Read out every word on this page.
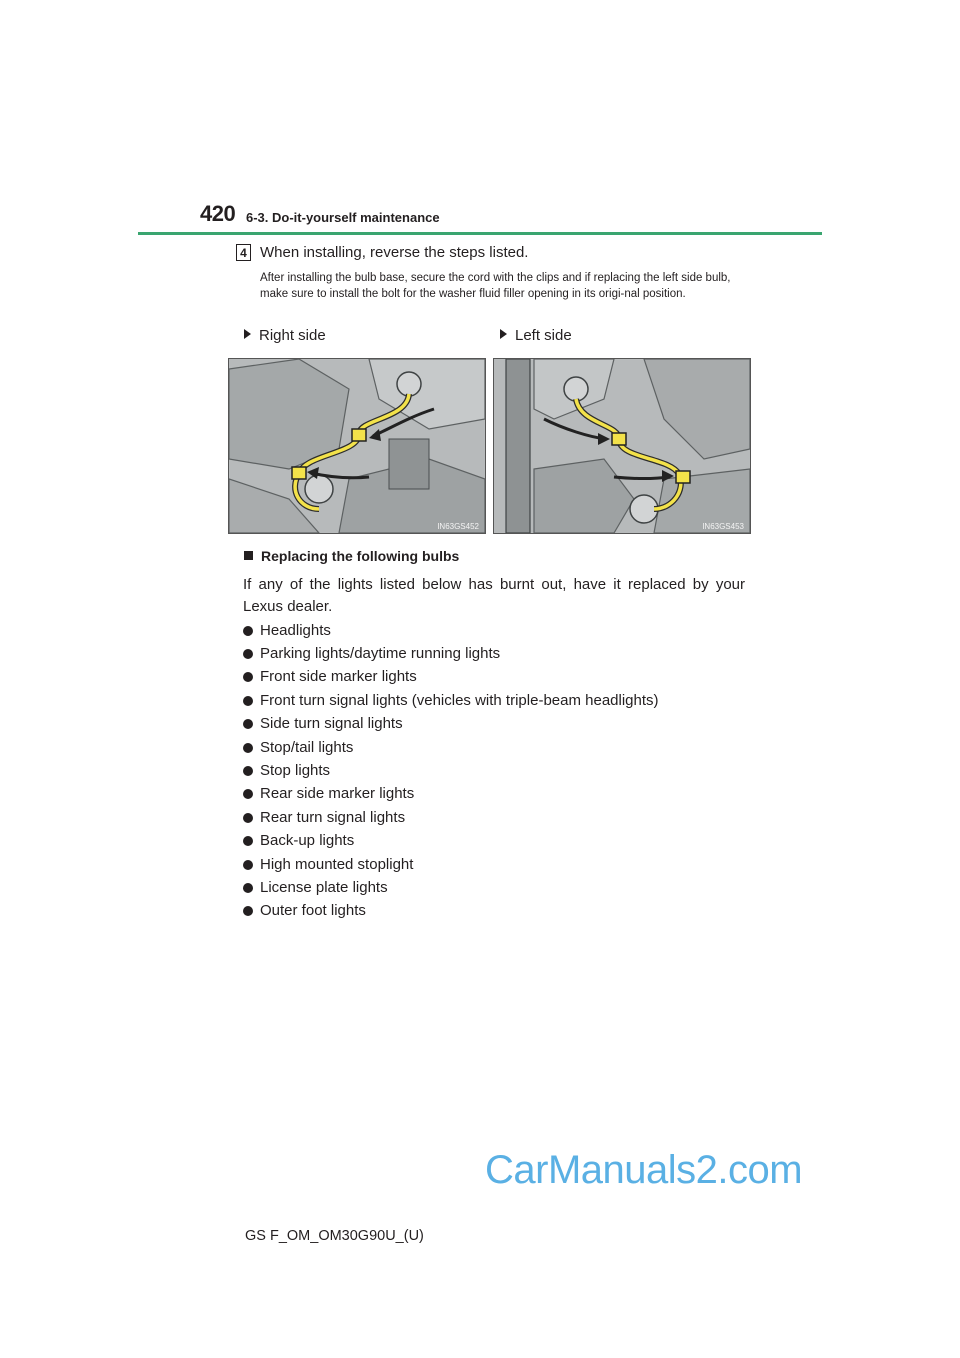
420 6-3. Do-it-yourself maintenance
4 When installing, reverse the steps listed.
After installing the bulb base, secure the cord with the clips and if replacing the left side bulb, make sure to install the bolt for the washer fluid filler opening in its origi-nal position.
Right side	Left side
IN63GS452	IN63GS453
Replacing the following bulbs
If any of the lights listed below has burnt out, have it replaced by your Lexus dealer.
Headlights
Parking lights/daytime running lights
Front side marker lights
Front turn signal lights (vehicles with triple-beam headlights)
Side turn signal lights
Stop/tail lights
Stop lights
Rear side marker lights
Rear turn signal lights
Back-up lights
High mounted stoplight
License plate lights
Outer foot lights
CarManuals2.com
GS F_OM_OM30G90U_(U)
